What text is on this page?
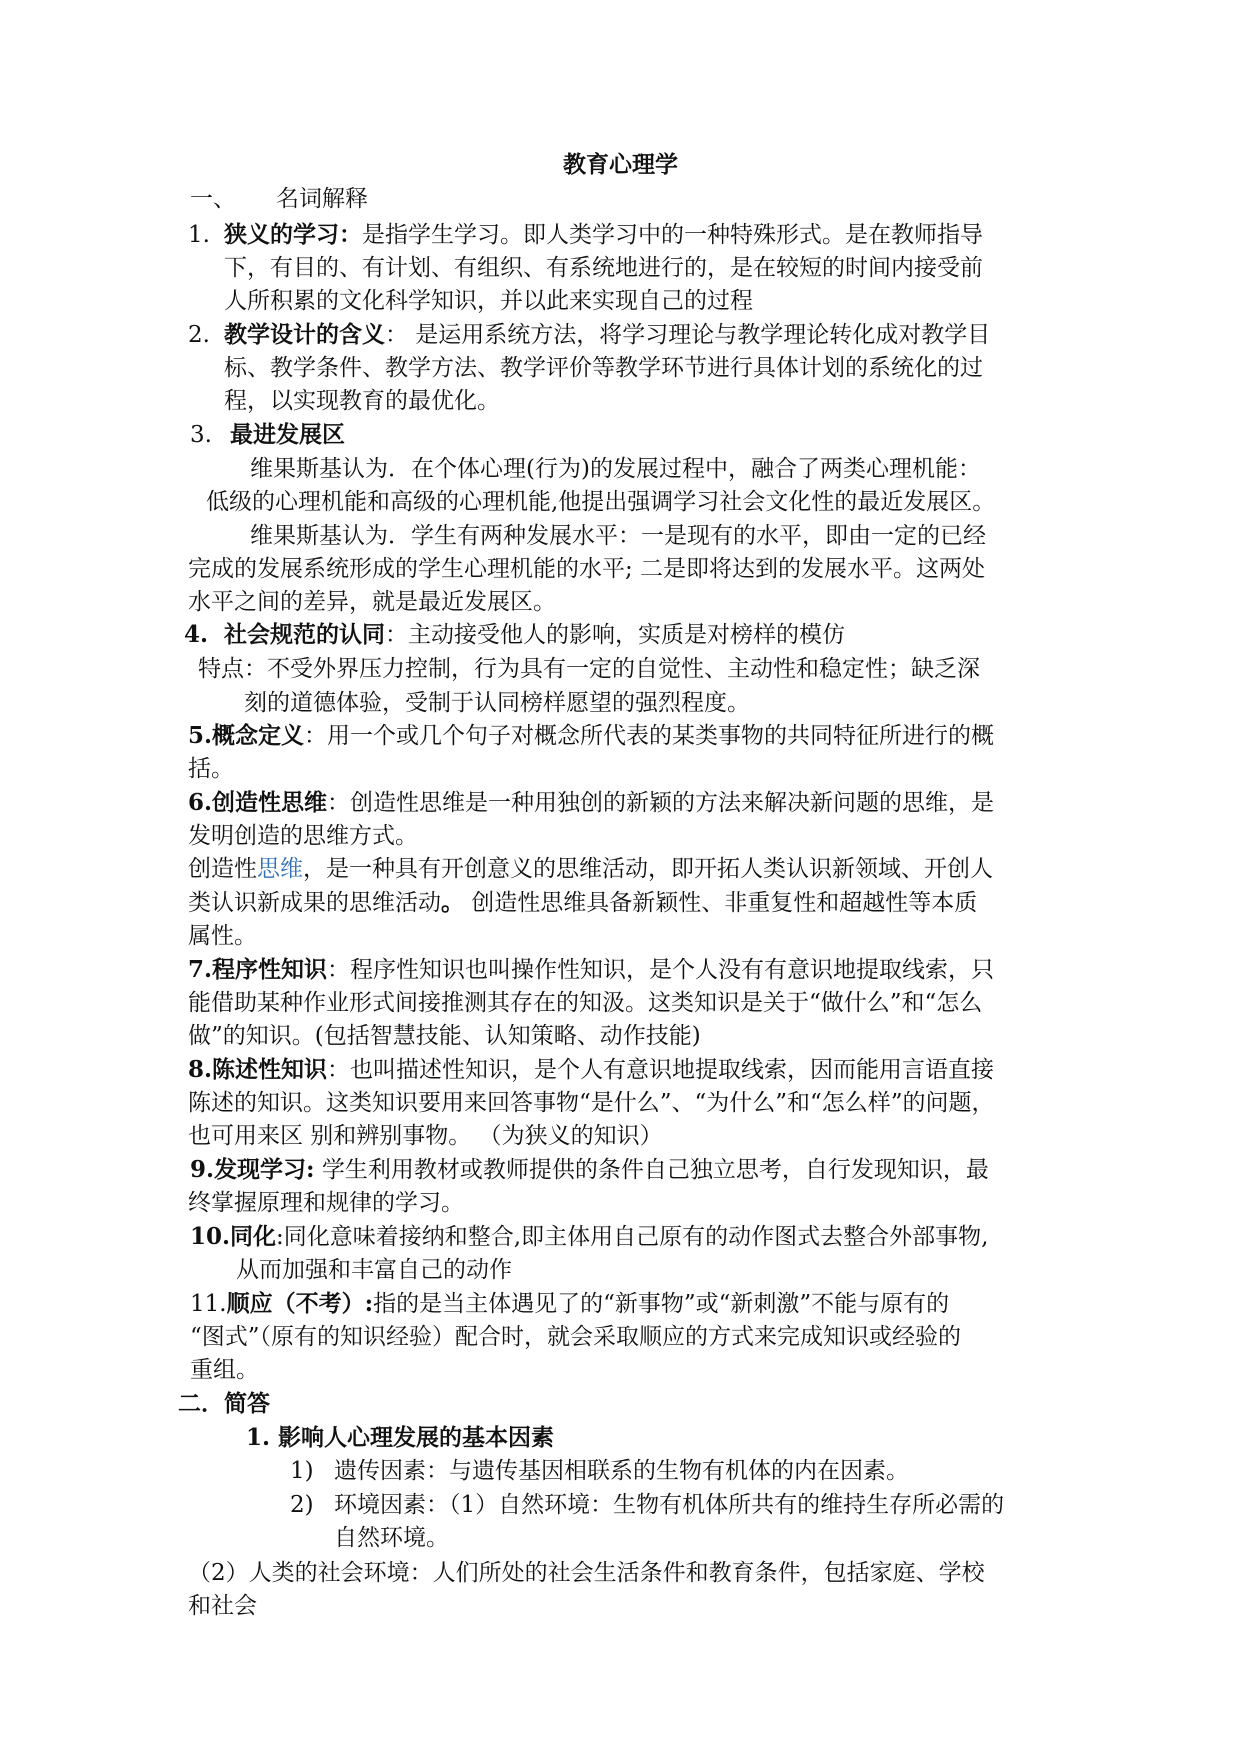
教育心理学
一、 名词解释
1. 狭义的学习：是指学生学习。即人类学习中的一种特殊形式。是在教师指导
下，有目的、有计划、有组织、有系统地进行的，是在较短的时间内接受前
人所积累的文化科学知识，并以此来实现自己的过程
2. 教学设计的含义： 是运用系统方法，将学习理论与教学理论转化成对教学目
标、教学条件、教学方法、教学评价等教学环节进行具体计划的系统化的过
程，以实现教育的最优化。
3. 最进发展区
维果斯基认为．在个体心理(行为)的发展过程中，融合了两类心理机能：
低级的心理机能和高级的心理机能,他提出强调学习社会文化性的最近发展区。
维果斯基认为．学生有两种发展水平：一是现有的水平，即由一定的已经
完成的发展系统形成的学生心理机能的水平; 二是即将达到的发展水平。这两处
水平之间的差异，就是最近发展区。
4. 社会规范的认同：主动接受他人的影响，实质是对榜样的模仿
特点：不受外界压力控制，行为具有一定的自觉性、主动性和稳定性；缺乏深
刻的道德体验，受制于认同榜样愿望的强烈程度。
5.概念定义：用一个或几个句子对概念所代表的某类事物的共同特征所进行的概
括。
6.创造性思维：创造性思维是一种用独创的新颖的方法来解决新问题的思维，是
发明创造的思维方式。
创造性思维，是一种具有开创意义的思维活动，即开拓人类认识新领域、开创人
类认识新成果的思维活动。 创造性思维具备新颖性、非重复性和超越性等本质
属性。
7.程序性知识：程序性知识也叫操作性知识，是个人没有有意识地提取线索，只
能借助某种作业形式间接推测其存在的知汲。这类知识是关于“做什么”和“怎么
做”的知识。(包括智慧技能、认知策略、动作技能)
8.陈述性知识：也叫描述性知识，是个人有意识地提取线索，因而能用言语直接
陈述的知识。这类知识要用来回答事物“是什么”、“为什么”和“怎么样”的问题，
也可用来区 别和辨别事物。 （为狭义的知识）
9.发现学习: 学生利用教材或教师提供的条件自己独立思考，自行发现知识，最
终掌握原理和规律的学习。
10.同化:同化意味着接纳和整合,即主体用自己原有的动作图式去整合外部事物,
从而加强和丰富自己的动作
11.顺应（不考）:指的是当主体遇见了的“新事物”或“新刺激”不能与原有的
“图式”（原有的知识经验）配合时，就会采取顺应的方式来完成知识或经验的
重组。
二．简答
1. 影响人心理发展的基本因素
1) 遗传因素：与遗传基因相联系的生物有机体的内在因素。
2) 环境因素：（1）自然环境：生物有机体所共有的维持生存所必需的
自然环境。
（2）人类的社会环境：人们所处的社会生活条件和教育条件，包括家庭、学校
和社会
